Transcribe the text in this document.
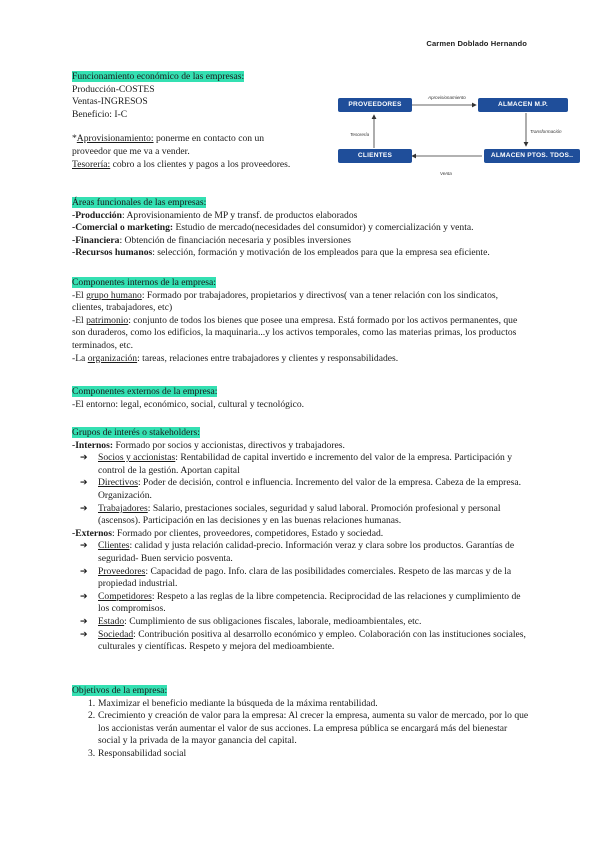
Carmen Doblado Hernando
PROVEEDORES	ALMACEN M.P.
CLIENTES	ALMACEN PTOS. TDOS..
Aprovisionamiento
Tesorería
Transformación
Venta
Funcionamiento económico de las empresas:
Producción-COSTES
Ventas-INGRESOS
Beneficio: I-C
*Aprovisionamiento: ponerme en contacto con un
proveedor que me va a vender.
Tesorería: cobro a los clientes y pagos a los proveedores.
Áreas funcionales de las empresas:
-Producción: Aprovisionamiento de MP y transf. de productos elaborados
-Comercial o marketing: Estudio de mercado(necesidades del consumidor) y comercialización y venta.
-Financiera: Obtención de financiación necesaria y posibles inversiones
-Recursos humanos: selección, formación y motivación de los empleados para que la empresa sea eficiente.
Componentes internos de la empresa:
-El grupo humano: Formado por trabajadores, propietarios y directivos( van a tener relación con los sindicatos, clientes, trabajadores, etc)
-El patrimonio: conjunto de todos los bienes que posee una empresa. Está formado por los activos permanentes, que son duraderos, como los edificios, la maquinaria...y los activos temporales, como las materias primas, los productos terminados, etc.
-La organización: tareas, relaciones entre trabajadores y clientes y responsabilidades.
Componentes externos de la empresa:
-El entorno: legal, económico, social, cultural y tecnológico.
Grupos de interés o stakeholders:
-Internos: Formado por socios y accionistas, directivos y trabajadores.
➔ Socios y accionistas: Rentabilidad de capital invertido e incremento del valor de la empresa. Participación y control de la gestión. Aportan capital
➔ Directivos: Poder de decisión, control e influencia. Incremento del valor de la empresa. Cabeza de la empresa. Organización.
➔ Trabajadores: Salario, prestaciones sociales, seguridad y salud laboral. Promoción profesional y personal (ascensos). Participación en las decisiones y en las buenas relaciones humanas.
-Externos: Formado por clientes, proveedores, competidores, Estado y sociedad.
➔ Clientes: calidad y justa relación calidad-precio. Información veraz y clara sobre los productos. Garantías de seguridad- Buen servicio posventa.
➔ Proveedores: Capacidad de pago. Info. clara de las posibilidades comerciales. Respeto de las marcas y de la propiedad industrial.
➔ Competidores: Respeto a las reglas de la libre competencia. Reciprocidad de las relaciones y cumplimiento de los compromisos.
➔ Estado: Cumplimiento de sus obligaciones fiscales, laborale, medioambientales, etc.
➔ Sociedad: Contribución positiva al desarrollo económico y empleo. Colaboración con las instituciones sociales, culturales y científicas. Respeto y mejora del medioambiente.
Objetivos de la empresa:
1. Maximizar el beneficio mediante la búsqueda de la máxima rentabilidad.
2. Crecimiento y creación de valor para la empresa: Al crecer la empresa, aumenta su valor de mercado, por lo que los accionistas verán aumentar el valor de sus acciones. La empresa pública se encargará más del bienestar social y la privada de la mayor ganancia del capital.
3. Responsabilidad social
